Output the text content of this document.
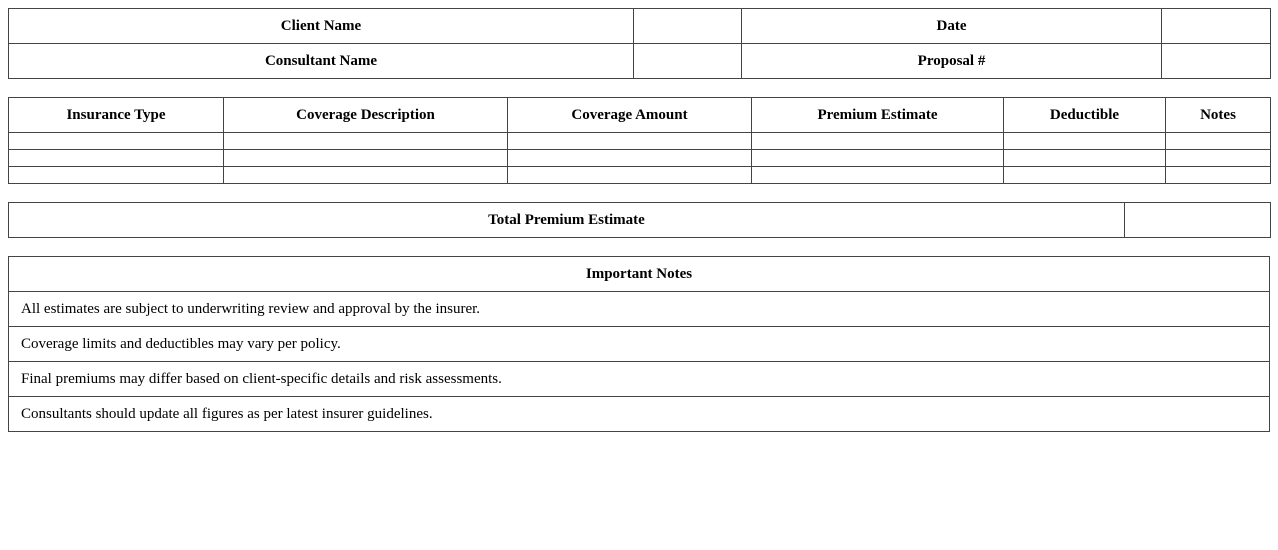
Client Name		Date	
Consultant Name		Proposal #	
Insurance Type	Coverage Description	Coverage Amount	Premium Estimate	Deductible	Notes

Total Premium Estimate	
Important Notes
All estimates are subject to underwriting review and approval by the insurer.
Coverage limits and deductibles may vary per policy.
Final premiums may differ based on client-specific details and risk assessments.
Consultants should update all figures as per latest insurer guidelines.
